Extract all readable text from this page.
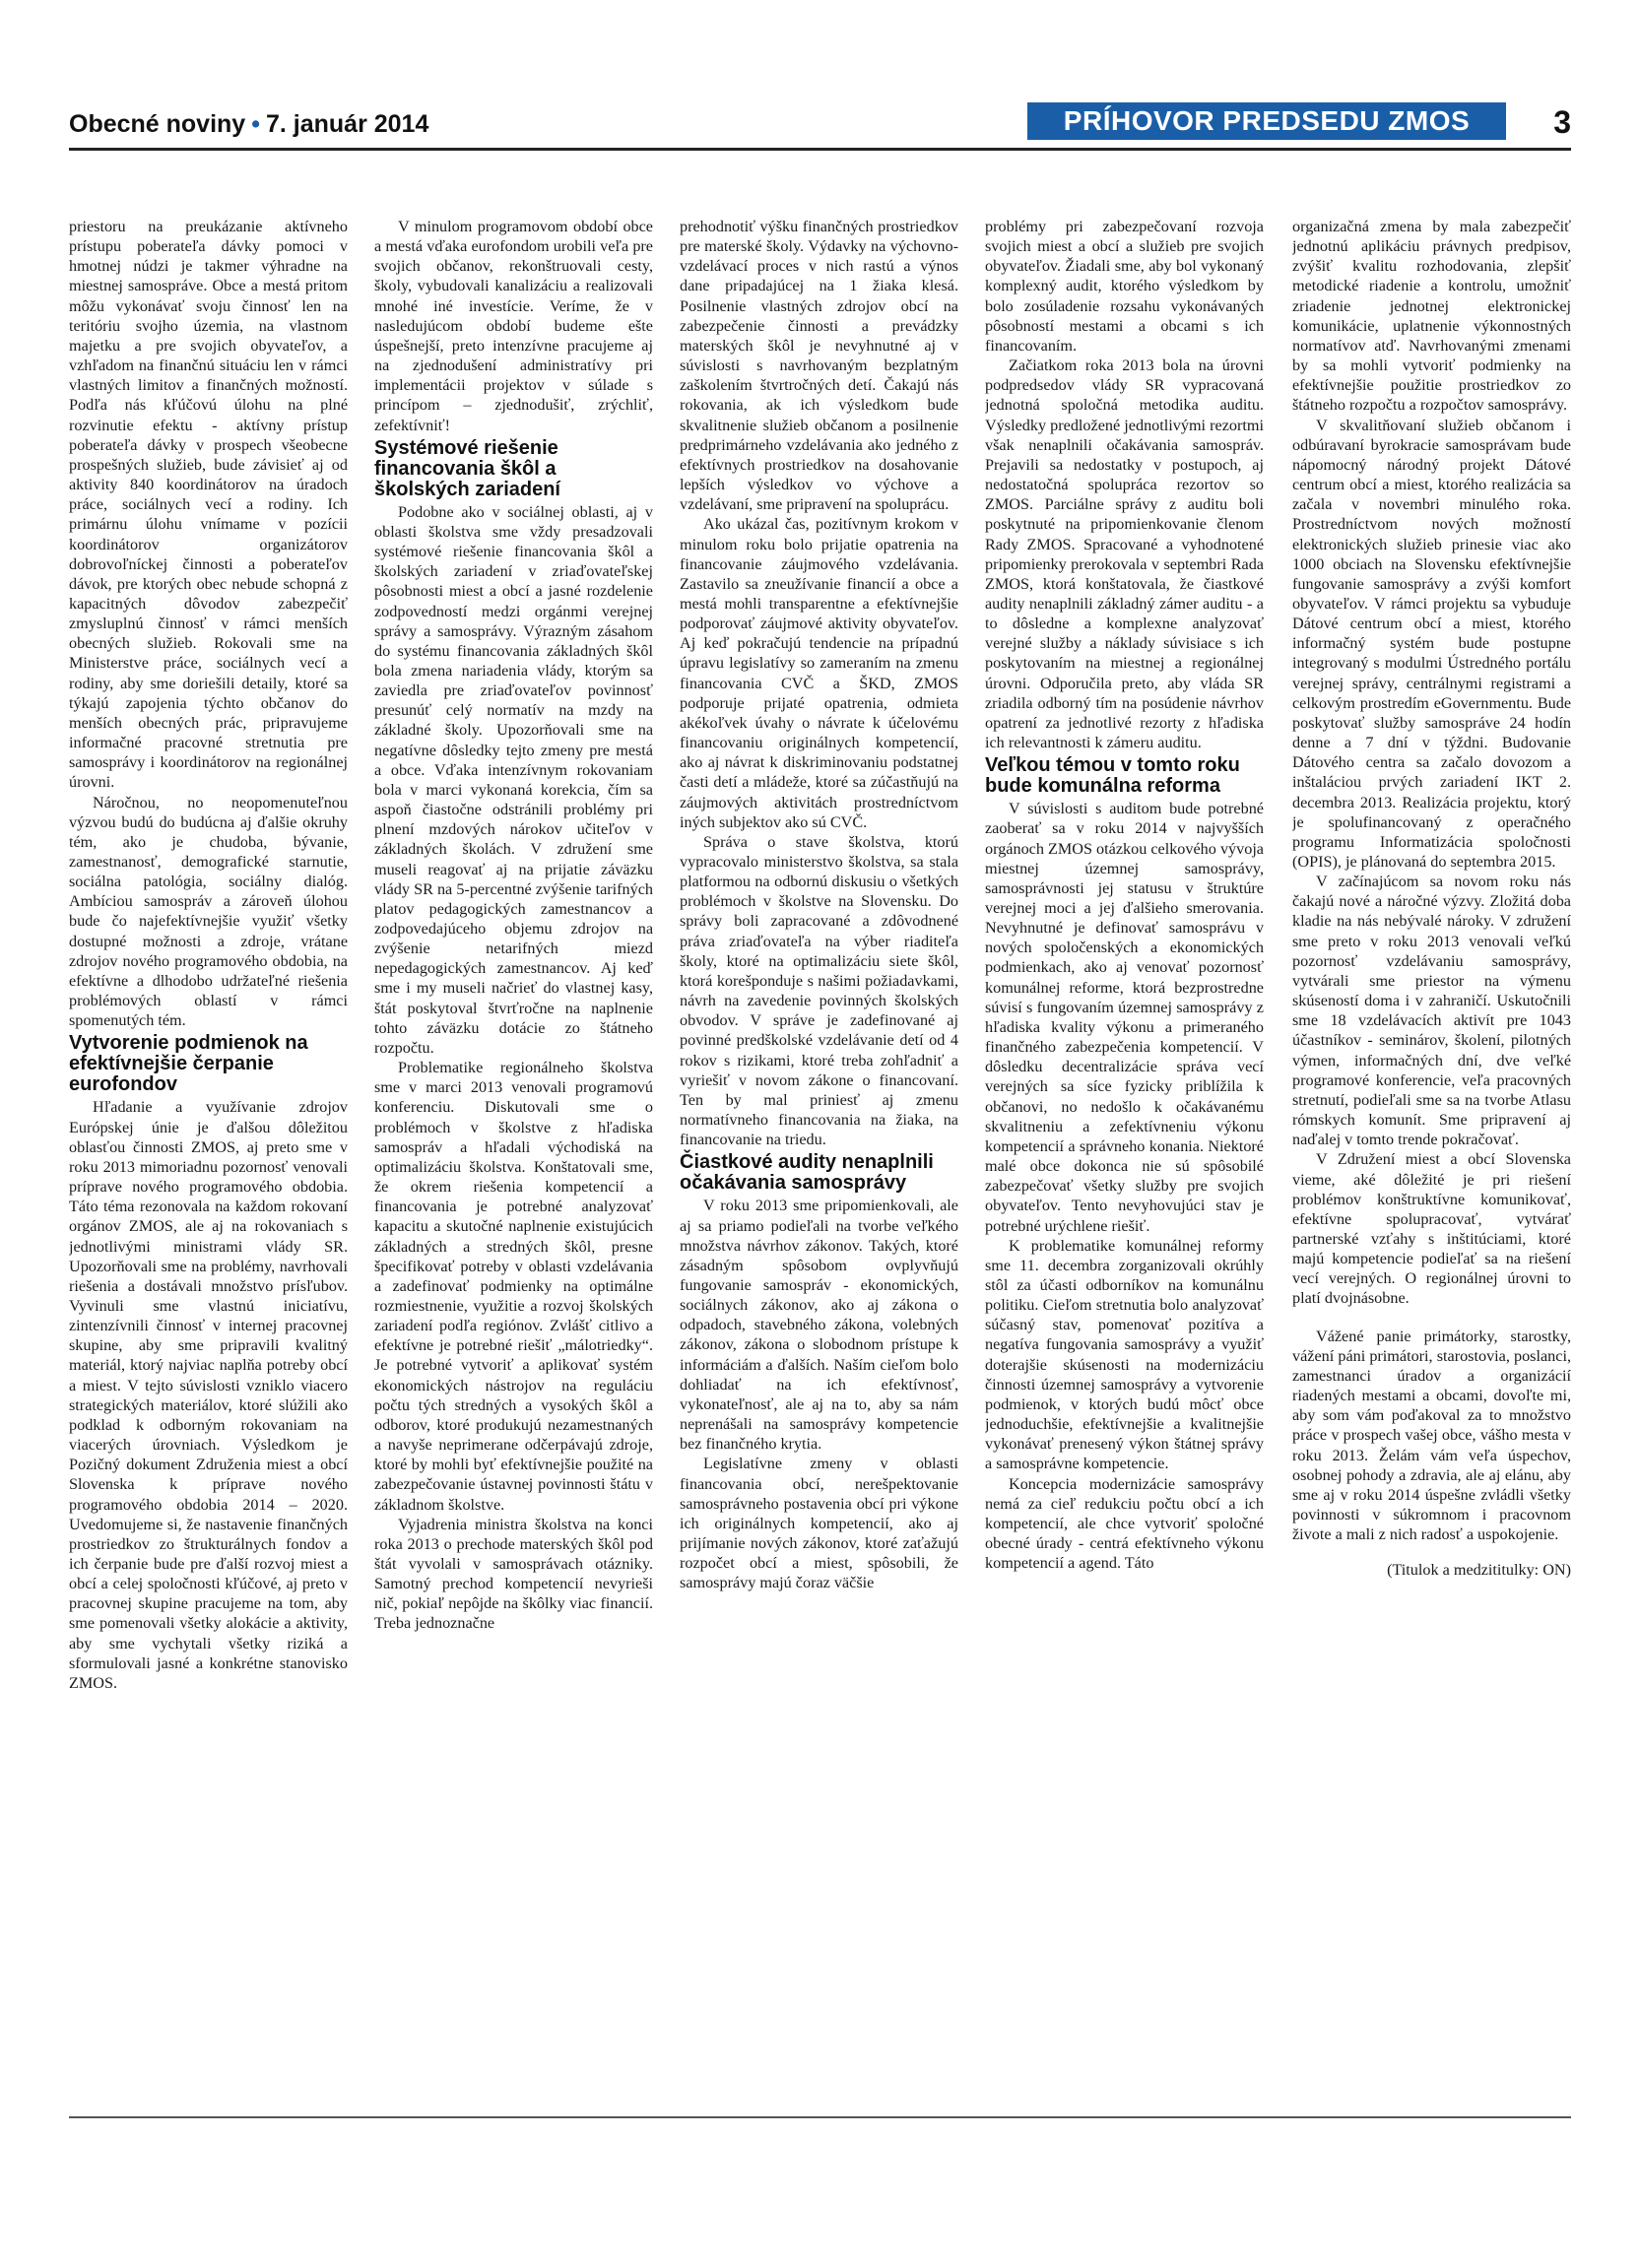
Obecné noviny • 7. január 2014	PRÍHOVOR PREDSEDU ZMOS	3

priestoru na preukázanie aktívneho prístupu poberateľa dávky pomoci v hmotnej núdzi je takmer výhradne na miestnej samospráve. Obce a mestá pritom môžu vykonávať svoju činnosť len na teritóriu svojho územia, na vlastnom majetku a pre svojich obyvateľov, a vzhľadom na finančnú situáciu len v rámci vlastných limitov a finančných možností. Podľa nás kľúčovú úlohu na plné rozvinutie efektu - aktívny prístup poberateľa dávky v prospech všeobecne prospešných služieb, bude závisieť aj od aktivity 840 koordinátorov na úradoch práce, sociálnych vecí a rodiny. Ich primárnu úlohu vnímame v pozícii koordinátorov organizátorov dobrovoľníckej činnosti a poberateľov dávok, pre ktorých obec nebude schopná z kapacitných dôvodov zabezpečiť zmysluplnú činnosť v rámci menších obecných služieb. Rokovali sme na Ministerstve práce, sociálnych vecí a rodiny, aby sme doriešili detaily, ktoré sa týkajú zapojenia týchto občanov do menších obecných prác, pripravujeme informačné pracovné stretnutia pre samosprávy i koordinátorov na regionálnej úrovni.

Náročnou, no neopomenuteľnou výzvou budú do budúcna aj ďalšie okruhy tém, ako je chudoba, bývanie, zamestnanosť, demografické starnutie, sociálna patológia, sociálny dialóg. Ambíciou samospráv a zároveň úlohou bude čo najefektívnejšie využiť všetky dostupné možnosti a zdroje, vrátane zdrojov nového programového obdobia, na efektívne a dlhodobo udržateľné riešenia problémových oblastí v rámci spomenutých tém.

Vytvorenie podmienok na efektívnejšie čerpanie eurofondov

Hľadanie a využívanie zdrojov Európskej únie je ďalšou dôležitou oblasťou činnosti ZMOS, aj preto sme v roku 2013 mimoriadnu pozornosť venovali príprave nového programového obdobia. Táto téma rezonovala na každom rokovaní orgánov ZMOS, ale aj na rokovaniach s jednotlivými ministrami vlády SR. Upozorňovali sme na problémy, navrhovali riešenia a dostávali množstvo prísľubov. Vyvinuli sme vlastnú iniciatívu, zintenzívnili činnosť v internej pracovnej skupine, aby sme pripravili kvalitný materiál, ktorý najviac naplňa potreby obcí a miest. V tejto súvislosti vzniklo viacero strategických materiálov, ktoré slúžili ako podklad k odborným rokovaniam na viacerých úrovniach. Výsledkom je Pozičný dokument Združenia miest a obcí Slovenska k príprave nového programového obdobia 2014 – 2020. Uvedomujeme si, že nastavenie finančných prostriedkov zo štrukturálnych fondov a ich čerpanie bude pre ďalší rozvoj miest a obcí a celej spoločnosti kľúčové, aj preto v pracovnej skupine pracujeme na tom, aby sme pomenovali všetky alokácie a aktivity, aby sme vychytali všetky riziká a sformulovali jasné a konkrétne stanovisko ZMOS.

V minulom programovom období obce a mestá vďaka eurofondom urobili veľa pre svojich občanov, rekonštruovali cesty, školy, vybudovali kanalizáciu a realizovali mnohé iné investície. Veríme, že v nasledujúcom období budeme ešte úspešnejší, preto intenzívne pracujeme aj na zjednodušení administratívy pri implementácii projektov v súlade s princípom – zjednodušiť, zrýchliť, zefektívniť!

Systémové riešenie financovania škôl a školských zariadení

Podobne ako v sociálnej oblasti, aj v oblasti školstva sme vždy presadzovali systémové riešenie financovania škôl a školských zariadení v zriaďovateľskej pôsobnosti miest a obcí a jasné rozdelenie zodpovedností medzi orgánmi verejnej správy a samosprávy. Výrazným zásahom do systému financovania základných škôl bola zmena nariadenia vlády, ktorým sa zaviedla pre zriaďovateľov povinnosť presunúť celý normatív na mzdy na základné školy. Upozorňovali sme na negatívne dôsledky tejto zmeny pre mestá a obce. Vďaka intenzívnym rokovaniam bola v marci vykonaná korekcia, čím sa aspoň čiastočne odstránili problémy pri plnení mzdových nárokov učiteľov v základných školách. V združení sme museli reagovať aj na prijatie záväzku vlády SR na 5-percentné zvýšenie tarifných platov pedagogických zamestnancov a zodpovedajúceho objemu zdrojov na zvýšenie netarifných miezd nepedagogických zamestnancov. Aj keď sme i my museli načrieť do vlastnej kasy, štát poskytoval štvrťročne na naplnenie tohto záväzku dotácie zo štátneho rozpočtu.

Problematike regionálneho školstva sme v marci 2013 venovali programovú konferenciu. Diskutovali sme o problémoch v školstve z hľadiska samospráv a hľadali východiská na optimalizáciu školstva. Konštatovali sme, že okrem riešenia kompetencií a financovania je potrebné analyzovať kapacitu a skutočné naplnenie existujúcich základných a stredných škôl, presne špecifikovať potreby v oblasti vzdelávania a zadefinovať podmienky na optimálne rozmiestnenie, využitie a rozvoj školských zariadení podľa regiónov. Zvlášť citlivo a efektívne je potrebné riešiť „málotriedky“. Je potrebné vytvoriť a aplikovať systém ekonomických nástrojov na reguláciu počtu tých stredných a vysokých škôl a odborov, ktoré produkujú nezamestnaných a navyše neprimerane odčerpávajú zdroje, ktoré by mohli byť efektívnejšie použité na zabezpečovanie ústavnej povinnosti štátu v základnom školstve.

Vyjadrenia ministra školstva na konci roka 2013 o prechode materských škôl pod štát vyvolali v samosprávach otázniky. Samotný prechod kompetencií nevyrieši nič, pokiaľ nepôjde na škôlky viac financií. Treba jednoznačne

prehodnotiť výšku finančných prostriedkov pre materské školy. Výdavky na výchovno-vzdelávací proces v nich rastú a výnos dane pripadajúcej na 1 žiaka klesá. Posilnenie vlastných zdrojov obcí na zabezpečenie činnosti a prevádzky materských škôl je nevyhnutné aj v súvislosti s navrhovaným bezplatným zaškolením štvrtročných detí. Čakajú nás rokovania, ak ich výsledkom bude skvalitnenie služieb občanom a posilnenie predprimárneho vzdelávania ako jedného z efektívnych prostriedkov na dosahovanie lepších výsledkov vo výchove a vzdelávaní, sme pripravení na spoluprácu.

Ako ukázal čas, pozitívnym krokom v minulom roku bolo prijatie opatrenia na financovanie záujmového vzdelávania. Zastavilo sa zneužívanie financií a obce a mestá mohli transparentne a efektívnejšie podporovať záujmové aktivity obyvateľov. Aj keď pokračujú tendencie na prípadnú úpravu legislatívy so zameraním na zmenu financovania CVČ a ŠKD, ZMOS podporuje prijaté opatrenia, odmieta akékoľvek úvahy o návrate k účelovému financovaniu originálnych kompetencií, ako aj návrat k diskriminovaniu podstatnej časti detí a mládeže, ktoré sa zúčastňujú na záujmových aktivitách prostredníctvom iných subjektov ako sú CVČ.

Správa o stave školstva, ktorú vypracovalo ministerstvo školstva, sa stala platformou na odbornú diskusiu o všetkých problémoch v školstve na Slovensku. Do správy boli zapracované a zdôvodnené práva zriaďovateľa na výber riaditeľa školy, ktoré na optimalizáciu siete škôl, ktorá korešponduje s našimi požiadavkami, návrh na zavedenie povinných školských obvodov. V správe je zadefinované aj povinné predškolské vzdelávanie detí od 4 rokov s rizikami, ktoré treba zohľadniť a vyriešiť v novom zákone o financovaní. Ten by mal priniesť aj zmenu normatívneho financovania na žiaka, na financovanie na triedu.

Čiastkové audity nenaplnili očakávania samosprávy

V roku 2013 sme pripomienkovali, ale aj sa priamo podieľali na tvorbe veľkého množstva návrhov zákonov. Takých, ktoré zásadným spôsobom ovplyvňujú fungovanie samospráv - ekonomických, sociálnych zákonov, ako aj zákona o odpadoch, stavebného zákona, volebných zákonov, zákona o slobodnom prístupe k informáciám a ďalších. Naším cieľom bolo dohliadať na ich efektívnosť, vykonateľnosť, ale aj na to, aby sa nám neprenášali na samosprávy kompetencie bez finančného krytia.

Legislatívne zmeny v oblasti financovania obcí, nerešpektovanie samosprávneho postavenia obcí pri výkone ich originálnych kompetencií, ako aj prijímanie nových zákonov, ktoré zaťažujú rozpočet obcí a miest, spôsobili, že samosprávy majú čoraz väčšie

problémy pri zabezpečovaní rozvoja svojich miest a obcí a služieb pre svojich obyvateľov. Žiadali sme, aby bol vykonaný komplexný audit, ktorého výsledkom by bolo zosúladenie rozsahu vykonávaných pôsobností mestami a obcami s ich financovaním.

Začiatkom roka 2013 bola na úrovni podpredsedov vlády SR vypracovaná jednotná spoločná metodika auditu. Výsledky predložené jednotlivými rezortmi však nenaplnili očakávania samospráv. Prejavili sa nedostatky v postupoch, aj nedostatočná spolupráca rezortov so ZMOS. Parciálne správy z auditu boli poskytnuté na pripomienkovanie členom Rady ZMOS. Spracované a vyhodnotené pripomienky prerokovala v septembri Rada ZMOS, ktorá konštatovala, že čiastkové audity nenaplnili základný zámer auditu - a to dôsledne a komplexne analyzovať verejné služby a náklady súvisiace s ich poskytovaním na miestnej a regionálnej úrovni. Odporučila preto, aby vláda SR zriadila odborný tím na posúdenie návrhov opatrení za jednotlivé rezorty z hľadiska ich relevantnosti k zámeru auditu.

Veľkou témou v tomto roku bude komunálna reforma

V súvislosti s auditom bude potrebné zaoberať sa v roku 2014 v najvyšších orgánoch ZMOS otázkou celkového vývoja miestnej územnej samosprávy, samosprávnosti jej statusu v štruktúre verejnej moci a jej ďalšieho smerovania. Nevyhnutné je definovať samosprávu v nových spoločenských a ekonomických podmienkach, ako aj venovať pozornosť komunálnej reforme, ktorá bezprostredne súvisí s fungovaním územnej samosprávy z hľadiska kvality výkonu a primeraného finančného zabezpečenia kompetencií. V dôsledku decentralizácie správa vecí verejných sa síce fyzicky priblížila k občanovi, no nedošlo k očakávanému skvalitneniu a zefektívneniu výkonu kompetencií a správneho konania. Niektoré malé obce dokonca nie sú spôsobilé zabezpečovať všetky služby pre svojich obyvateľov. Tento nevyhovujúci stav je potrebné urýchlene riešiť.

K problematike komunálnej reformy sme 11. decembra zorganizovali okrúhly stôl za účasti odborníkov na komunálnu politiku. Cieľom stretnutia bolo analyzovať súčasný stav, pomenovať pozitíva a negatíva fungovania samosprávy a využiť doterajšie skúsenosti na modernizáciu činnosti územnej samosprávy a vytvorenie podmienok, v ktorých budú môcť obce jednoduchšie, efektívnejšie a kvalitnejšie vykonávať prenesený výkon štátnej správy a samosprávne kompetencie.

Koncepcia modernizácie samosprávy nemá za cieľ redukciu počtu obcí a ich kompetencií, ale chce vytvoriť spoločné obecné úrady - centrá efektívneho výkonu kompetencií a agend. Táto

organizačná zmena by mala zabezpečiť jednotnú aplikáciu právnych predpisov, zvýšiť kvalitu rozhodovania, zlepšiť metodické riadenie a kontrolu, umožniť zriadenie jednotnej elektronickej komunikácie, uplatnenie výkonnostných normatívov atď. Navrhovanými zmenami by sa mohli vytvoriť podmienky na efektívnejšie použitie prostriedkov zo štátneho rozpočtu a rozpočtov samosprávy.

V skvalitňovaní služieb občanom i odbúravaní byrokracie samosprávam bude nápomocný národný projekt Dátové centrum obcí a miest, ktorého realizácia sa začala v novembri minulého roka. Prostredníctvom nových možností elektronických služieb prinesie viac ako 1000 obciach na Slovensku efektívnejšie fungovanie samosprávy a zvýši komfort obyvateľov. V rámci projektu sa vybuduje Dátové centrum obcí a miest, ktorého informačný systém bude postupne integrovaný s modulmi Ústredného portálu verejnej správy, centrálnymi registrami a celkovým prostredím eGovernmentu. Bude poskytovať služby samospráve 24 hodín denne a 7 dní v týždni. Budovanie Dátového centra sa začalo dovozom a inštaláciou prvých zariadení IKT 2. decembra 2013. Realizácia projektu, ktorý je spolufinancovaný z operačného programu Informatizácia spoločnosti (OPIS), je plánovaná do septembra 2015.

V začínajúcom sa novom roku nás čakajú nové a náročné výzvy. Zložitá doba kladie na nás nebývalé nároky. V združení sme preto v roku 2013 venovali veľkú pozornosť vzdelávaniu samosprávy, vytvárali sme priestor na výmenu skúseností doma i v zahraničí. Uskutočnili sme 18 vzdelávacích aktivít pre 1043 účastníkov - seminárov, školení, pilotných výmen, informačných dní, dve veľké programové konferencie, veľa pracovných stretnutí, podieľali sme sa na tvorbe Atlasu rómskych komunít. Sme pripravení aj naďalej v tomto trende pokračovať.

V Združení miest a obcí Slovenska vieme, aké dôležité je pri riešení problémov konštruktívne komunikovať, efektívne spolupracovať, vytvárať partnerské vzťahy s inštitúciami, ktoré majú kompetencie podieľať sa na riešení vecí verejných. O regionálnej úrovni to platí dvojnásobne.

Vážené panie primátorky, starostky, vážení páni primátori, starostovia, poslanci, zamestnanci úradov a organizácií riadených mestami a obcami, dovoľte mi, aby som vám poďakoval za to množstvo práce v prospech vašej obce, vášho mesta v roku 2013. Želám vám veľa úspechov, osobnej pohody a zdravia, ale aj elánu, aby sme aj v roku 2014 úspešne zvládli všetky povinnosti v súkromnom i pracovnom živote a mali z nich radosť a uspokojenie.

(Titulok a medzititulky: ON)
